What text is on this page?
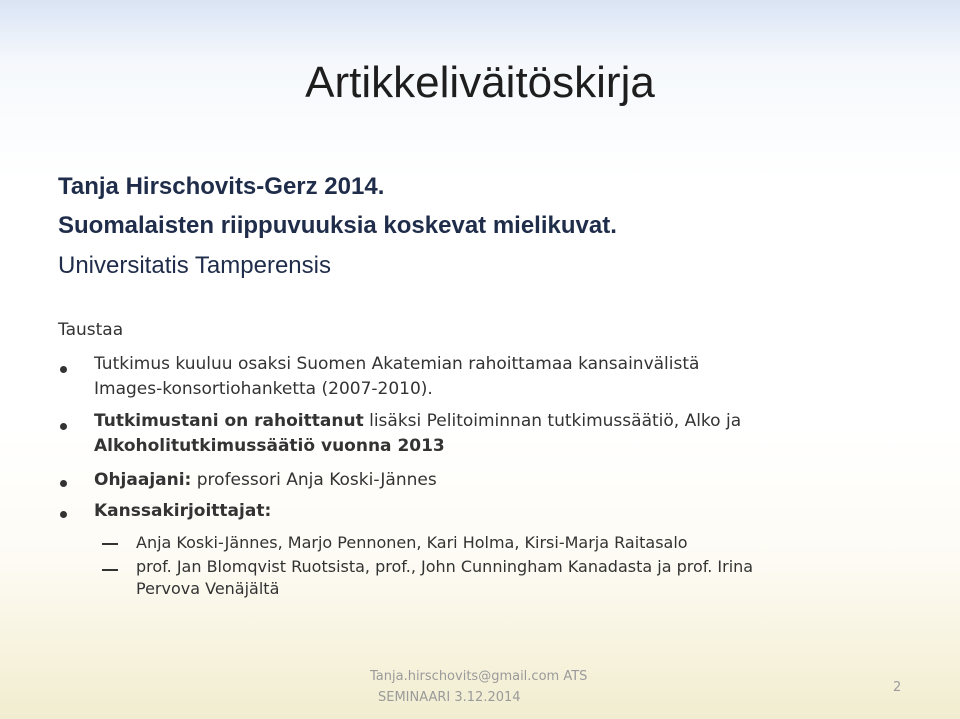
Artikkeliväitöskirja
Tanja Hirschovits-Gerz 2014.
Suomalaisten riippuvuuksia koskevat mielikuvat.
Universitatis Tamperensis
Taustaa
Tutkimus kuuluu osaksi Suomen Akatemian rahoittamaa kansainvälistä
Images-konsortiohanketta (2007-2010).
Tutkimustani on rahoittanut lisäksi Pelitoiminnan tutkimussäätiö, Alko ja
Alkoholitutkimussäätiö vuonna 2013
Ohjaajani: professori Anja Koski-Jännes
Kanssakirjoittajat:
Anja Koski-Jännes, Marjo Pennonen, Kari Holma, Kirsi-Marja Raitasalo
prof. Jan Blomqvist Ruotsista, prof., John Cunningham Kanadasta ja prof. Irina
Pervova Venäjältä
Tanja.hirschovits@gmail.com ATS
SEMINAARI 3.12.2014
2
